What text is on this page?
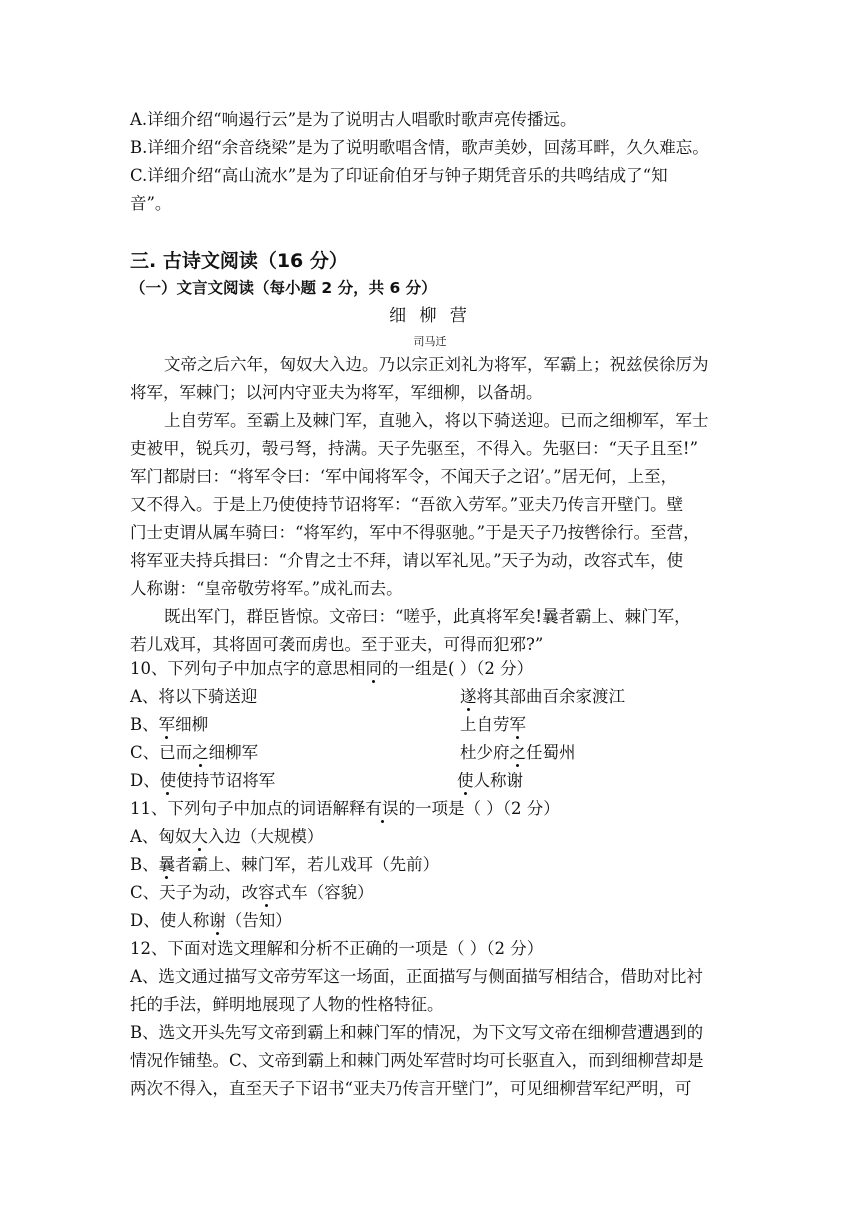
A.详细介绍“响遏行云”是为了说明古人唱歌时歌声亮传播远。
B.详细介绍“余音绕梁”是为了说明歌唱含情，歌声美妙，回荡耳畔，久久难忘。
C.详细介绍“高山流水”是为了印证俞伯牙与钟子期凭音乐的共鸣结成了“知
音”。
三. 古诗文阅读（16 分）
（一）文言文阅读（每小题 2 分，共 6 分）
细 柳 营
司马迁
文帝之后六年，匈奴大入边。乃以宗正刘礼为将军，军霸上；祝兹侯徐厉为
将军，军棘门；以河内守亚夫为将军，军细柳，以备胡。
上自劳军。至霸上及棘门军，直驰入，将以下骑送迎。已而之细柳军，军士
吏被甲，锐兵刃，彀弓弩，持满。天子先驱至，不得入。先驱曰：“天子且至!”
军门都尉曰：“将军令曰：‘军中闻将军令，不闻天子之诏’。”居无何，上至，
又不得入。于是上乃使使持节诏将军：“吾欲入劳军。”亚夫乃传言开壁门。壁
门士吏谓从属车骑曰：“将军约，军中不得驱驰。”于是天子乃按辔徐行。至营，
将军亚夫持兵揖曰：“介胄之士不拜，请以军礼见。”天子为动，改容式车，使
人称谢：“皇帝敬劳将军。”成礼而去。
既出军门，群臣皆惊。文帝曰：“嗟乎，此真将军矣!曩者霸上、棘门军，
若儿戏耳，其将固可袭而虏也。至于亚夫，可得而犯邪?”
10、下列句子中加点字的意思相同的一组是( ）（2 分）
A、将以下骑送迎	遂将其部曲百余家渡江
B、军细柳	上自劳军
C、已而之细柳军	杜少府之任蜀州
D、使使持节诏将军	使人称谢
11、下列句子中加点的词语解释有误的一项是（ ）（2 分）
A、匈奴大入边（大规模）
B、曩者霸上、棘门军，若儿戏耳（先前）
C、天子为动，改容式车（容貌）
D、使人称谢（告知）
12、下面对选文理解和分析不正确的一项是（ ）（2 分）
A、选文通过描写文帝劳军这一场面，正面描写与侧面描写相结合，借助对比衬
托的手法，鲜明地展现了人物的性格特征。
B、选文开头先写文帝到霸上和棘门军的情况，为下文写文帝在细柳营遭遇到的
情况作铺垫。C、文帝到霸上和棘门两处军营时均可长驱直入，而到细柳营却是
两次不得入，直至天子下诏书“亚夫乃传言开壁门”，可见细柳营军纪严明，可
